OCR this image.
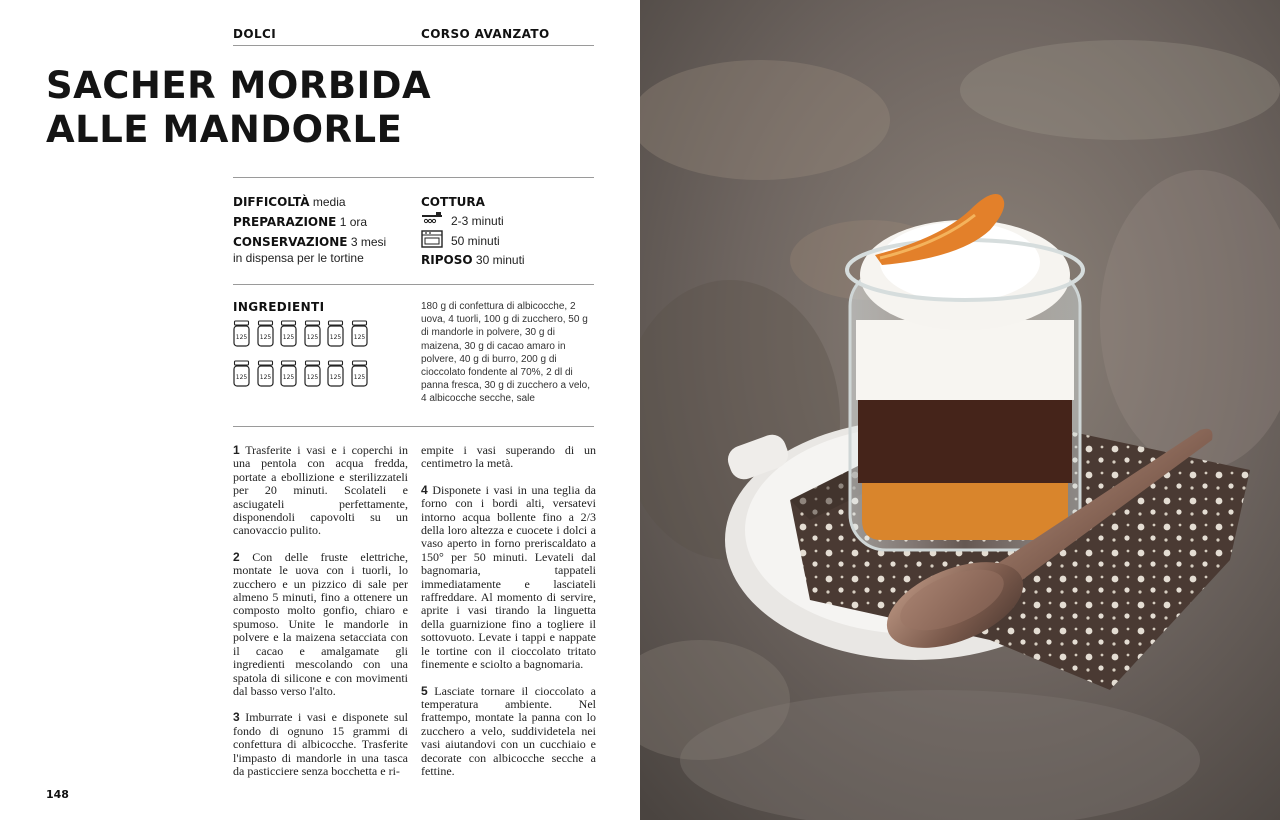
DOLCI	CORSO AVANZATO
SACHER MORBIDA
ALLE MANDORLE
DIFFICOLTÀ media
PREPARAZIONE 1 ora
CONSERVAZIONE 3 mesi
in dispensa per le tortine
COTTURA
2-3 minuti
50 minuti
RIPOSO 30 minuti
INGREDIENTI
125 125 125 125 125 125
125 125 125 125 125 125
180 g di confettura di albicocche, 2 uova, 4 tuorli, 100 g di zucchero, 50 g di mandorle in polvere, 30 g di maizena, 30 g di cacao amaro in polvere, 40 g di burro, 200 g di cioccolato fondente al 70%, 2 dl di panna fresca, 30 g di zucchero a velo, 4 albicocche secche, sale

1 Trasferite i vasi e i coperchi in una pentola con acqua fredda, portate a ebollizione e sterilizzateli per 20 minuti. Scolateli e asciugateli perfettamente, disponendoli capovolti su un canovaccio pulito.

2 Con delle fruste elettriche, montate le uova con i tuorli, lo zucchero e un pizzico di sale per almeno 5 minuti, fino a ottenere un composto molto gonfio, chiaro e spumoso. Unite le mandorle in polvere e la maizena setacciata con il cacao e amalgamate gli ingredienti mescolando con una spatola di silicone e con movimenti dal basso verso l'alto.

3 Imburrate i vasi e disponete sul fondo di ognuno 15 grammi di confettura di albicocche. Trasferite l'impasto di mandorle in una tasca da pasticciere senza bocchetta e ri-

empite i vasi superando di un centimetro la metà.

4 Disponete i vasi in una teglia da forno con i bordi alti, versatevi intorno acqua bollente fino a 2/3 della loro altezza e cuocete i dolci a vaso aperto in forno preriscaldato a 150° per 50 minuti. Levateli dal bagnomaria, tappateli immediatamente e lasciateli raffreddare. Al momento di servire, aprite i vasi tirando la linguetta della guarnizione fino a togliere il sottovuoto. Levate i tappi e nappate le tortine con il cioccolato tritato finemente e sciolto a bagnomaria.

5 Lasciate tornare il cioccolato a temperatura ambiente. Nel frattempo, montate la panna con lo zucchero a velo, suddividetela nei vasi aiutandovi con un cucchiaio e decorate con albicocche secche a fettine.

148
